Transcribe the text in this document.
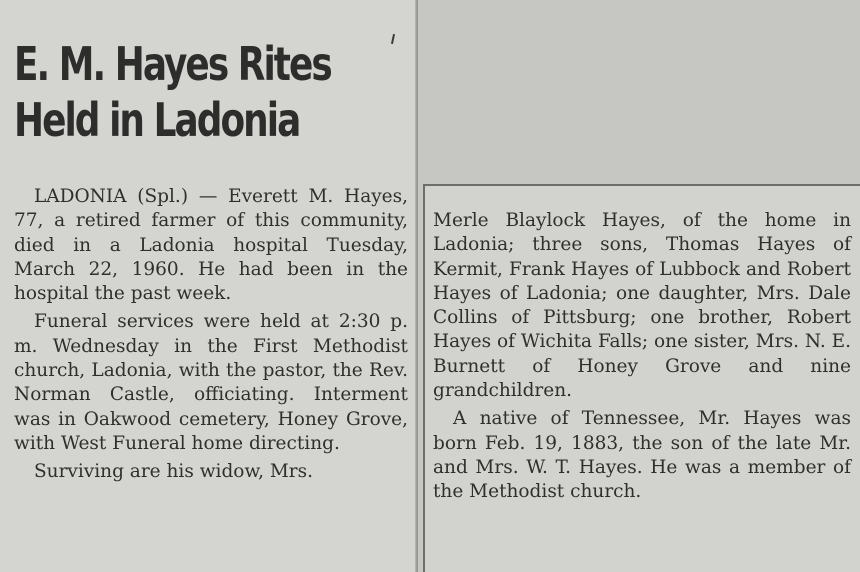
E. M. Hayes Rites
Held in Ladonia

LADONIA (Spl.) — Everett M. Hayes, 77, a retired farmer of this community, died in a Ladonia hospital Tuesday, March 22, 1960. He had been in the hospital the past week.

Funeral services were held at 2:30 p. m. Wednesday in the First Methodist church, Ladonia, with the pastor, the Rev. Norman Castle, officiating. Interment was in Oakwood cemetery, Honey Grove, with West Funeral home directing.

Surviving are his widow, Mrs.

Merle Blaylock Hayes, of the home in Ladonia; three sons, Thomas Hayes of Kermit, Frank Hayes of Lubbock and Robert Hayes of Ladonia; one daughter, Mrs. Dale Collins of Pittsburg; one brother, Robert Hayes of Wichita Falls; one sister, Mrs. N. E. Burnett of Honey Grove and nine grandchildren.

A native of Tennessee, Mr. Hayes was born Feb. 19, 1883, the son of the late Mr. and Mrs. W. T. Hayes. He was a member of the Methodist church.
